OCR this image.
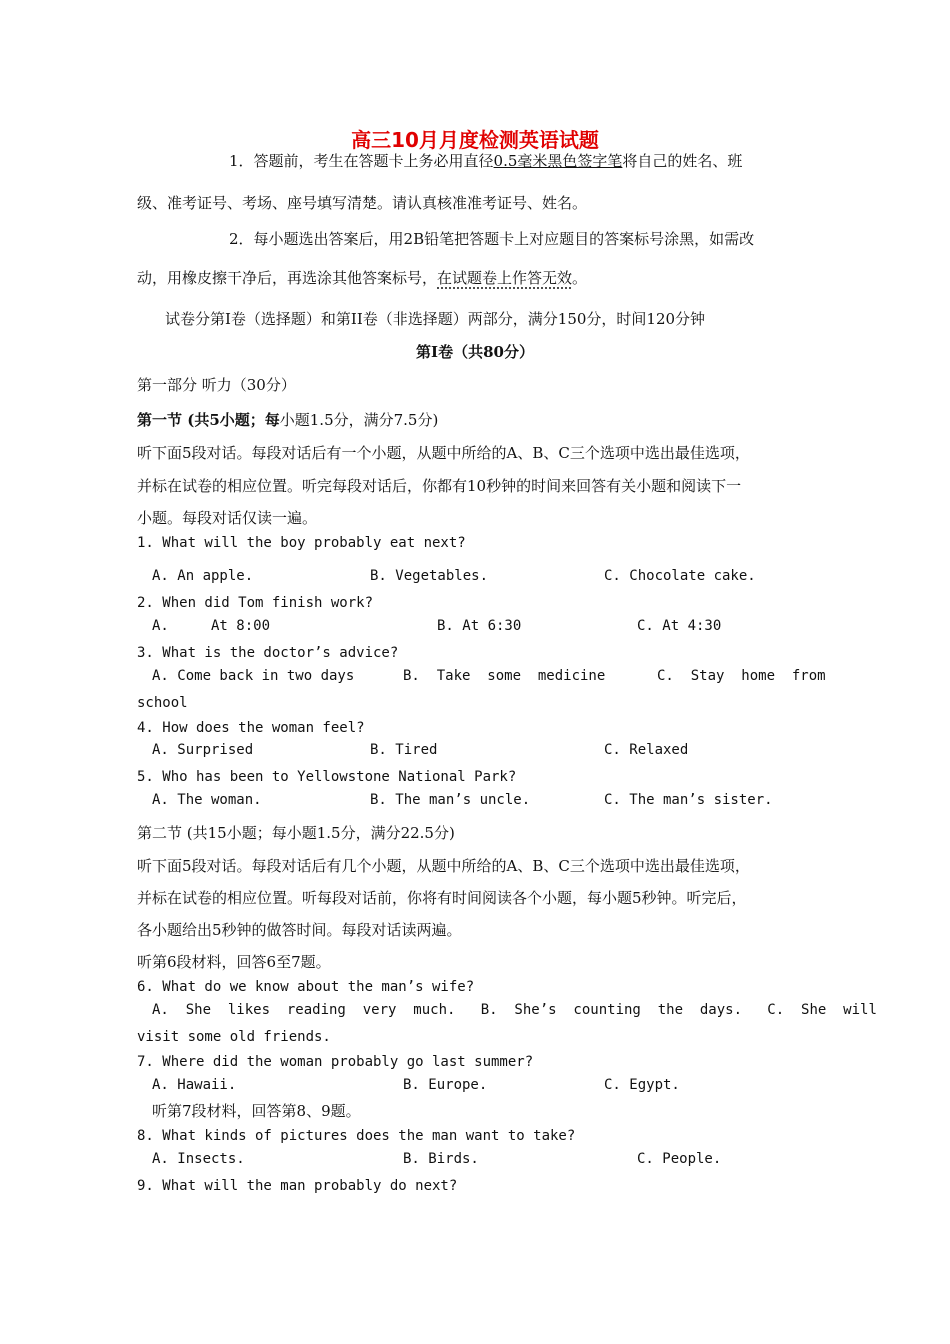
高三10月月度检测英语试题
1．答题前，考生在答题卡上务必用直径0.5毫米黑色签字笔将自己的姓名、班
级、准考证号、考场、座号填写清楚。请认真核准准考证号、姓名。
2．每小题选出答案后，用2B铅笔把答题卡上对应题目的答案标号涂黑，如需改
动，用橡皮擦干净后，再选涂其他答案标号，在试题卷上作答无效。
试卷分第I卷（选择题）和第II卷（非选择题）两部分，满分150分，时间120分钟
第I卷（共80分）
第一部分 听力（30分）
第一节 (共5小题；每小题1.5分，满分7.5分)
听下面5段对话。每段对话后有一个小题，从题中所给的A、B、C三个选项中选出最佳选项，
并标在试卷的相应位置。听完每段对话后，你都有10秒钟的时间来回答有关小题和阅读下一
小题。每段对话仅读一遍。
1. What will the boy probably eat next?
A. An apple.	B. Vegetables.	C. Chocolate cake.
2. When did Tom finish work?
A.     At 8:00	B. At 6:30	C. At 4:30
3. What is the doctor’s advice?
A. Come back in two days	B.  Take  some  medicine	C.  Stay  home  from
school
4. How does the woman feel?
A. Surprised	B. Tired	C. Relaxed
5. Who has been to Yellowstone National Park?
A. The woman.	B. The man’s uncle.	C. The man’s sister.
第二节 (共15小题；每小题1.5分，满分22.5分)
听下面5段对话。每段对话后有几个小题，从题中所给的A、B、C三个选项中选出最佳选项，
并标在试卷的相应位置。听每段对话前，你将有时间阅读各个小题，每小题5秒钟。听完后，
各小题给出5秒钟的做答时间。每段对话读两遍。
听第6段材料，回答6至7题。
6. What do we know about the man’s wife?
A.  She  likes  reading  very  much.   B.  She’s  counting  the  days.   C.  She  will
visit some old friends.
7. Where did the woman probably go last summer?
A. Hawaii.	B. Europe.	C. Egypt.
听第7段材料，回答第8、9题。
8. What kinds of pictures does the man want to take?
A. Insects.	B. Birds.	C. People.
9. What will the man probably do next?
